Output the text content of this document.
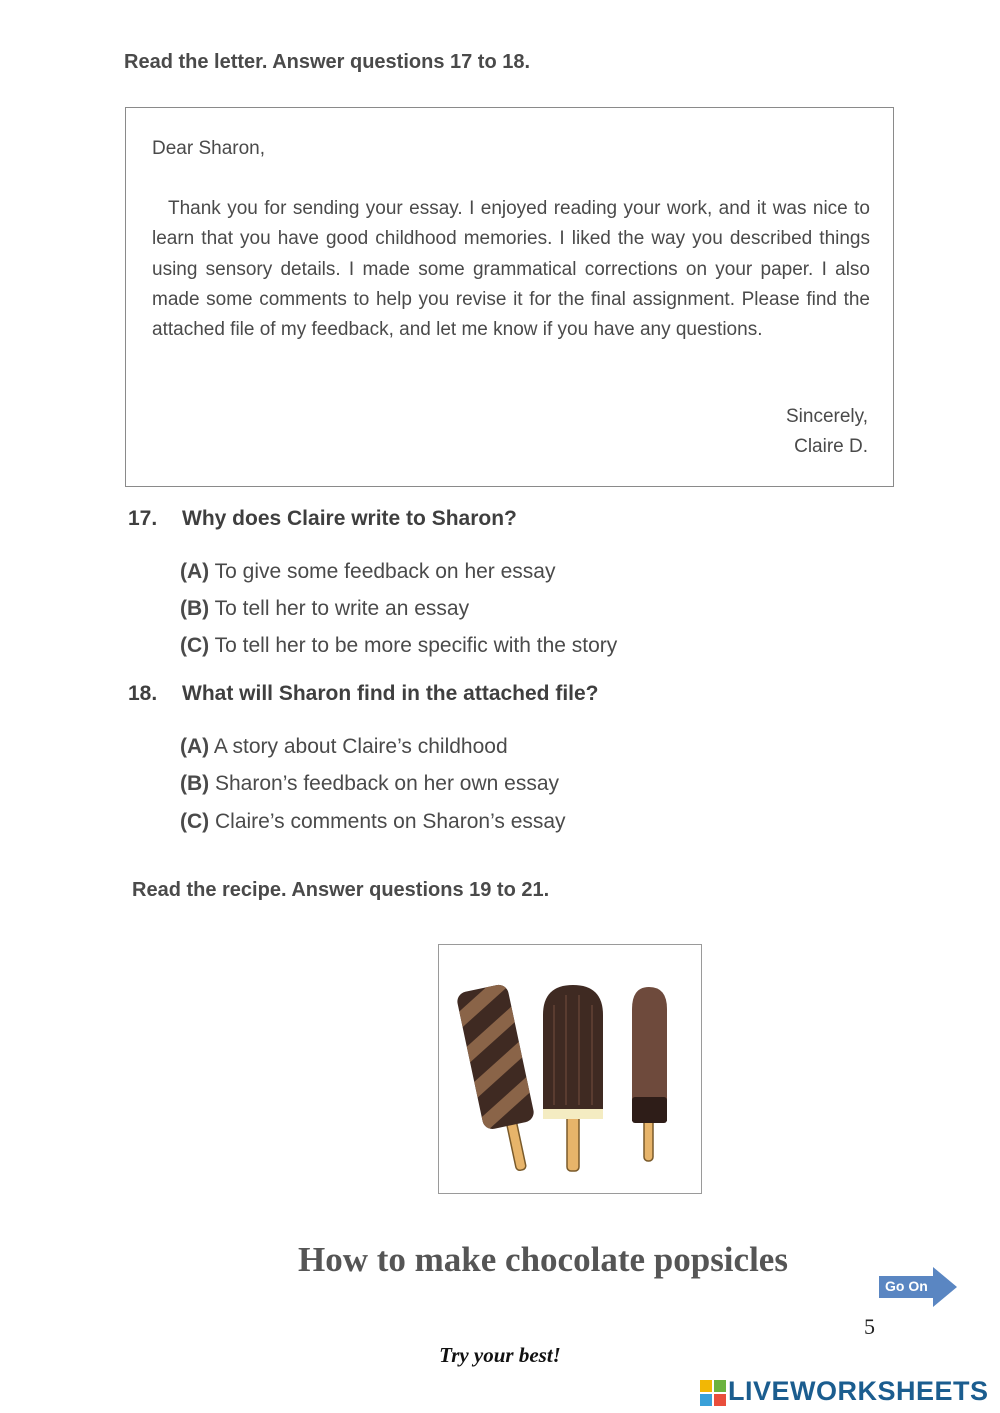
Read the letter. Answer questions 17 to 18.
Dear Sharon,
Thank you for sending your essay. I enjoyed reading your work, and it was nice to learn that you have good childhood memories. I liked the way you described things using sensory details. I made some grammatical corrections on your paper. I also made some comments to help you revise it for the final assignment. Please find the attached file of my feedback, and let me know if you have any questions.
Sincerely,
Claire D.
17. Why does Claire write to Sharon?
(A) To give some feedback on her essay
(B) To tell her to write an essay
(C) To tell her to be more specific with the story
18. What will Sharon find in the attached file?
(A) A story about Claire’s childhood
(B) Sharon’s feedback on her own essay
(C) Claire’s comments on Sharon’s essay
Read the recipe. Answer questions 19 to 21.
How to make chocolate popsicles
Go On
5
Try your best!
LIVEWORKSHEETS
